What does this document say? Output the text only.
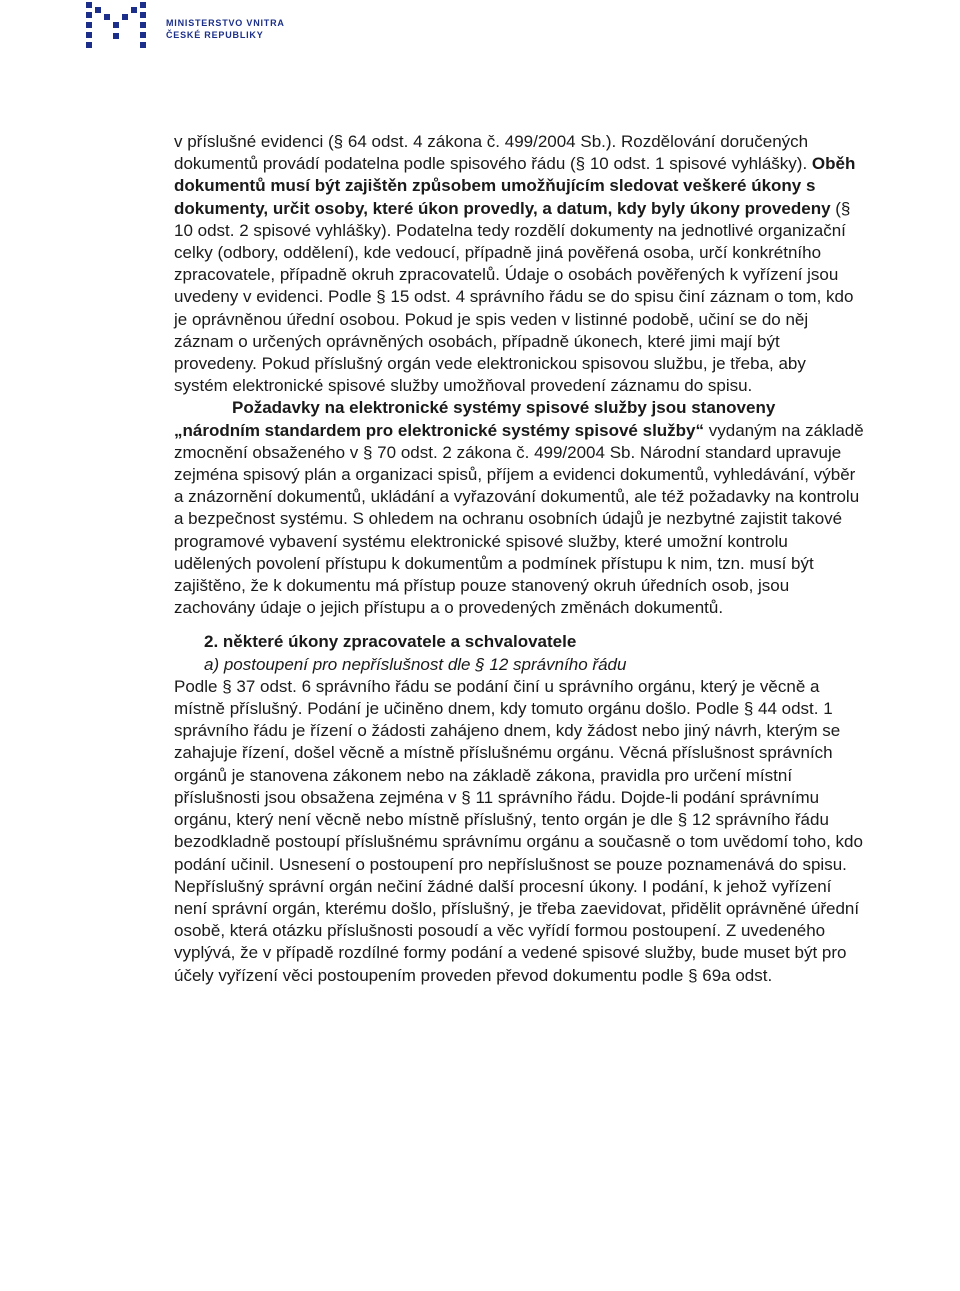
MINISTERSTVO VNITRA
ČESKÉ REPUBLIKY

v příslušné evidenci (§ 64 odst. 4 zákona č. 499/2004 Sb.). Rozdělování doručených dokumentů provádí podatelna podle spisového řádu (§ 10 odst. 1 spisové vyhlášky). Oběh dokumentů musí být zajištěn způsobem umožňujícím sledovat veškeré úkony s dokumenty, určit osoby, které úkon provedly, a datum, kdy byly úkony provedeny (§ 10 odst. 2 spisové vyhlášky). Podatelna tedy rozdělí dokumenty na jednotlivé organizační celky (odbory, oddělení), kde vedoucí, případně jiná pověřená osoba, určí konkrétního zpracovatele, případně okruh zpracovatelů. Údaje o osobách pověřených k vyřízení jsou uvedeny v evidenci. Podle § 15 odst. 4 správního řádu se do spisu činí záznam o tom, kdo je oprávněnou úřední osobou. Pokud je spis veden v listinné podobě, učiní se do něj záznam o určených oprávněných osobách, případně úkonech, které jimi mají být provedeny. Pokud příslušný orgán vede elektronickou spisovou službu, je třeba, aby systém elektronické spisové služby umožňoval provedení záznamu do spisu.

Požadavky na elektronické systémy spisové služby jsou stanoveny „národním standardem pro elektronické systémy spisové služby“ vydaným na základě zmocnění obsaženého v § 70 odst. 2 zákona č. 499/2004 Sb. Národní standard upravuje zejména spisový plán a organizaci spisů, příjem a evidenci dokumentů, vyhledávání, výběr a znázornění dokumentů, ukládání a vyřazování dokumentů, ale též požadavky na kontrolu a bezpečnost systému. S ohledem na ochranu osobních údajů je nezbytné zajistit takové programové vybavení systému elektronické spisové služby, které umožní kontrolu udělených povolení přístupu k dokumentům a podmínek přístupu k nim, tzn. musí být zajištěno, že k dokumentu má přístup pouze stanovený okruh úředních osob, jsou zachovány údaje o jejich přístupu a o provedených změnách dokumentů.

2. některé úkony zpracovatele a schvalovatele
a) postoupení pro nepříslušnost dle § 12 správního řádu

Podle § 37 odst. 6 správního řádu se podání činí u správního orgánu, který je věcně a místně příslušný. Podání je učiněno dnem, kdy tomuto orgánu došlo. Podle § 44 odst. 1 správního řádu je řízení o žádosti zahájeno dnem, kdy žádost nebo jiný návrh, kterým se zahajuje řízení, došel věcně a místně příslušnému orgánu. Věcná příslušnost správních orgánů je stanovena zákonem nebo na základě zákona, pravidla pro určení místní příslušnosti jsou obsažena zejména v § 11 správního řádu. Dojde-li podání správnímu orgánu, který není věcně nebo místně příslušný, tento orgán je dle § 12 správního řádu bezodkladně postoupí příslušnému správnímu orgánu a současně o tom uvědomí toho, kdo podání učinil. Usnesení o postoupení pro nepříslušnost se pouze poznamenává do spisu. Nepříslušný správní orgán nečiní žádné další procesní úkony. I podání, k jehož vyřízení není správní orgán, kterému došlo, příslušný, je třeba zaevidovat, přidělit oprávněné úřední osobě, která otázku příslušnosti posoudí a věc vyřídí formou postoupení. Z uvedeného vyplývá, že v případě rozdílné formy podání a vedené spisové služby, bude muset být pro účely vyřízení věci postoupením proveden převod dokumentu podle § 69a odst.
